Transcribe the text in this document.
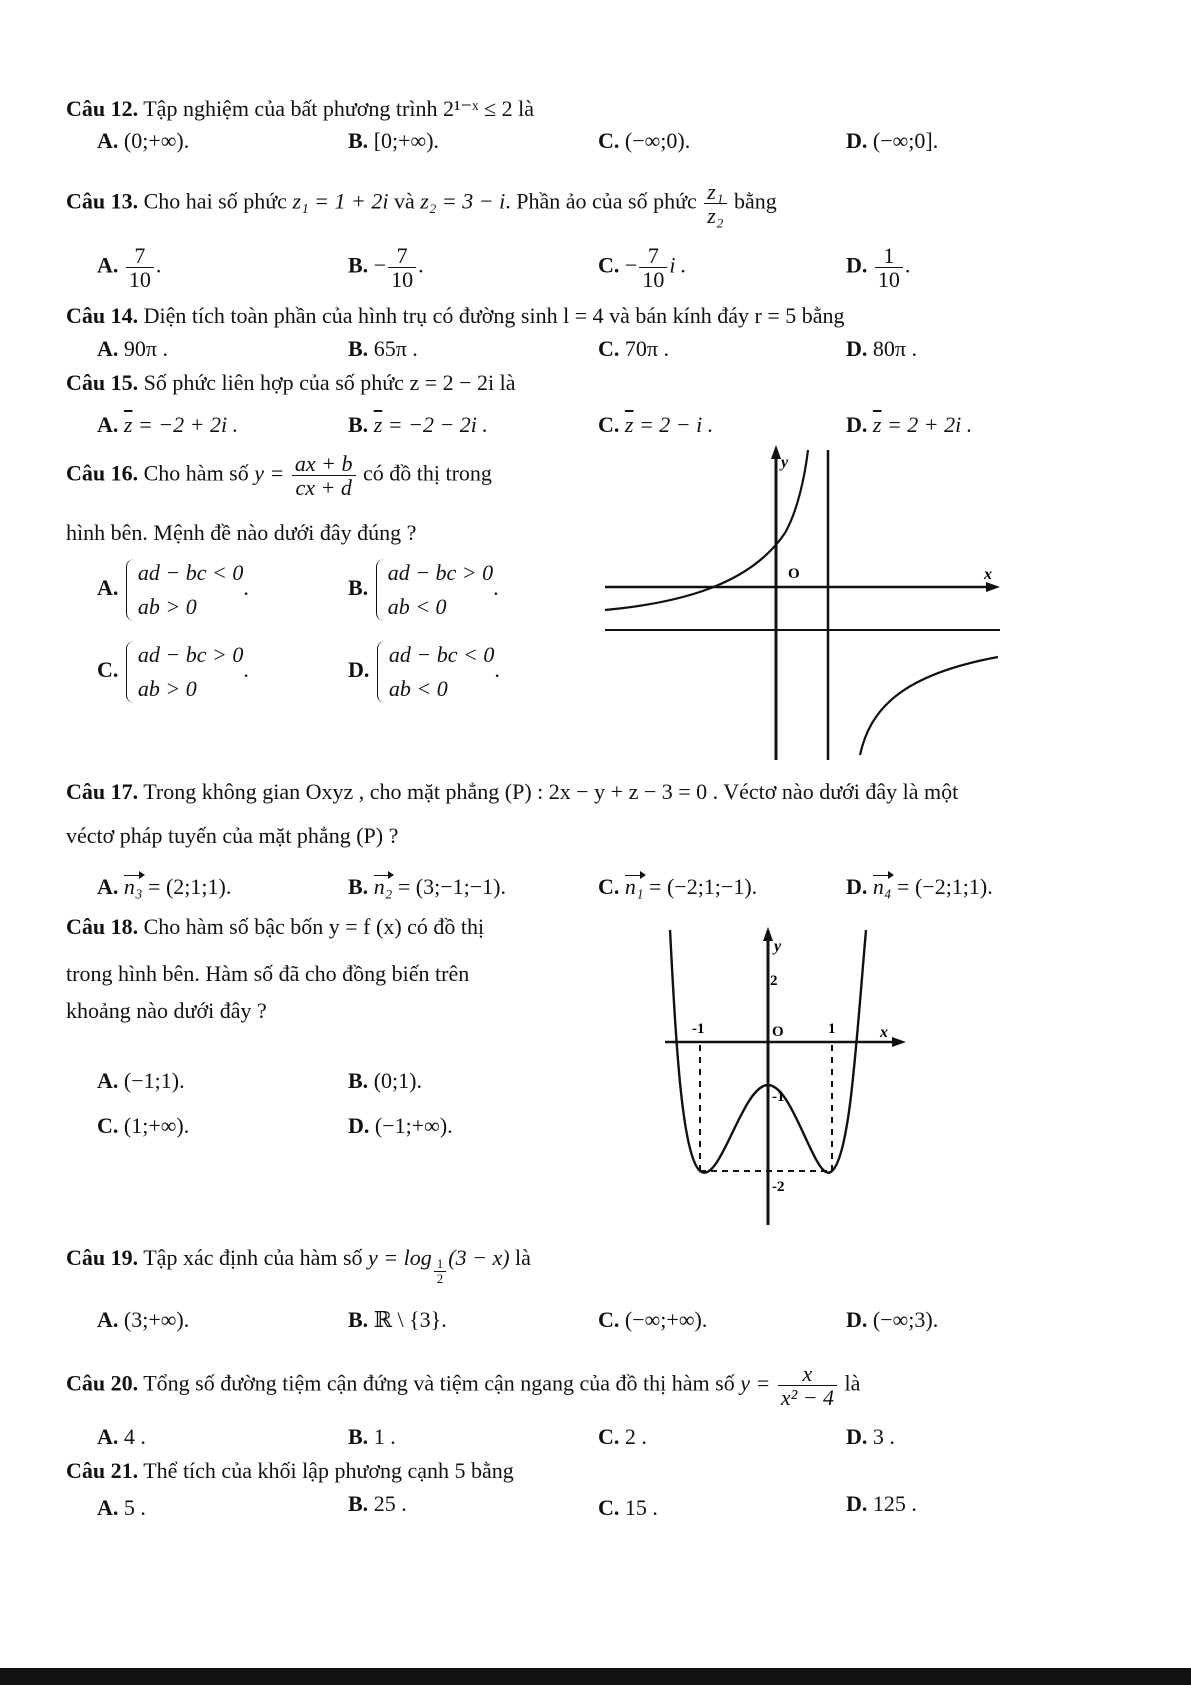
Câu 12. Tập nghiệm của bất phương trình 2¹⁻ˣ ≤ 2 là
A. (0;+∞).	B. [0;+∞).	C. (−∞;0).	D. (−∞;0].
Câu 13. Cho hai số phức z₁ = 1 + 2i và z₂ = 3 − i. Phần ảo của số phức $\frac{\text{z₁}}{\text{z₂}}$ bằng
A. $\frac{7}{10}$ .	B. − $\frac{7}{10}$ .	C. − $\frac{7}{10}$ i .	D. $\frac{1}{10}$ .
Câu 14. Diện tích toàn phần của hình trụ có đường sinh l = 4 và bán kính đáy r = 5 bằng
A. 90π .	B. 65π .	C. 70π .	D. 80π .
Câu 15. Số phức liên hợp của số phức z = 2 − 2i là
A. $\overline{z} = -2 + 2i$ .	B. $\overline{z} = -2 - 2i$ .	C. $\overline{z} = 2 - i$ .	D. $\overline{z} = 2 + 2i$ .
Câu 16. Cho hàm số $y = \frac{ax + b}{cx + d}$ có đồ thị trong
hình bên. Mệnh đề nào dưới đây đúng ?
A.
ad − bc < 0
ab > 0
.	B.
ad − bc > 0
ab < 0
.
C.
ad − bc > 0
ab > 0
.	D.
ad − bc < 0
ab < 0
.
y
x
O
Câu 17. Trong không gian Oxyz , cho mặt phẳng (P) : 2x − y + z − 3 = 0 . Véctơ nào dưới đây là một
véctơ pháp tuyến của mặt phẳng (P) ?
A. n₃ = (2;1;1).	B. n₂ = (3;−1;−1).	C. n₁ = (−2;1;−1).	D. n₄ = (−2;1;1).
Câu 18. Cho hàm số bậc bốn y = f (x) có đồ thị
trong hình bên. Hàm số đã cho đồng biến trên
khoảng nào dưới đây ?
A. (−1;1).	B. (0;1).
C. (1;+∞).	D. (−1;+∞).
y
x
O
2
-1	1
-1
-2
Câu 19. Tập xác định của hàm số $y = \log \frac{1}{2} (3 - x)$ là
A. (3;+∞).	B. ℝ \ {3}.	C. (−∞;+∞).	D. (−∞;3).
Câu 20. Tổng số đường tiệm cận đứng và tiệm cận ngang của đồ thị hàm số $y = \frac{x}{\text{x² − 4}}$ là
A. 4 .	B. 1 .	C. 2 .	D. 3 .
Câu 21. Thể tích của khối lập phương cạnh 5 bằng
A. 5 .	B. 25 .	C. 15 .	D. 125 .
